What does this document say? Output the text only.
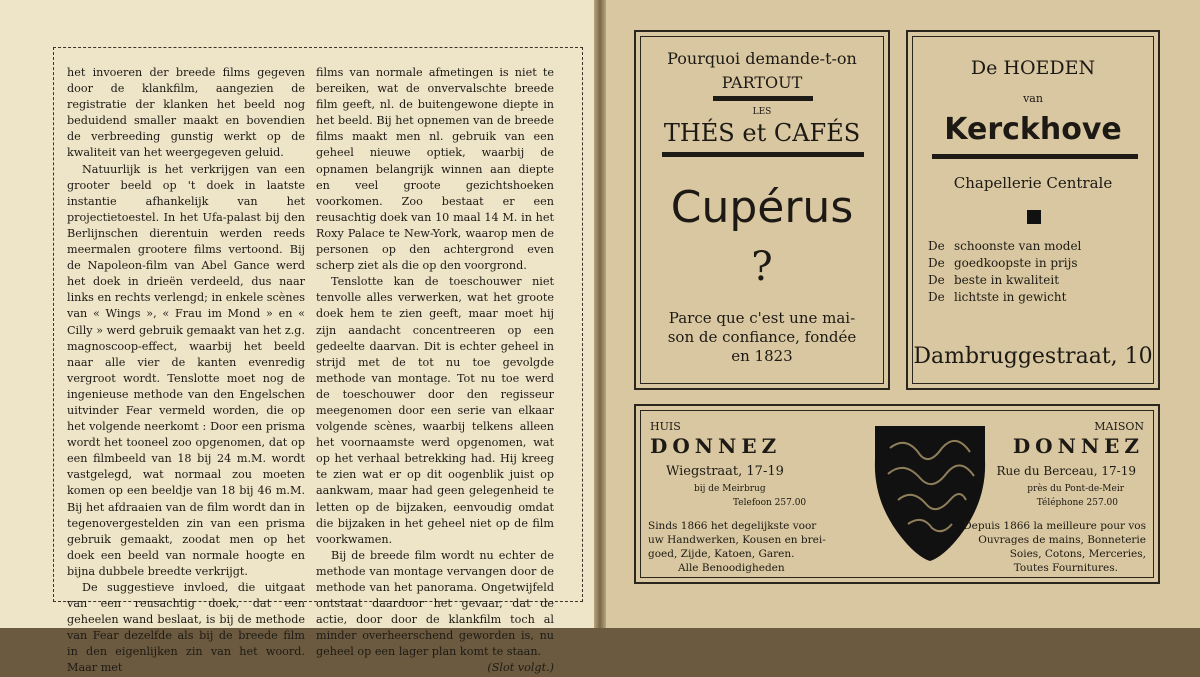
het invoeren der breede films gegeven door de klankfilm, aangezien de registratie der klanken het beeld nog beduidend smaller maakt en bovendien de verbreeding gunstig werkt op de kwaliteit van het weergegeven geluid.

Natuurlijk is het verkrijgen van een grooter beeld op 't doek in laatste instantie afhankelijk van het projectietoestel. In het Ufa-palast bij den Berlijnschen dierentuin werden reeds meermalen grootere films vertoond. Bij de Napoleon-film van Abel Gance werd het doek in drieën verdeeld, dus naar links en rechts verlengd; in enkele scènes van « Wings », « Frau im Mond » en « Cilly » werd gebruik gemaakt van het z.g. magnoscoop-effect, waarbij het beeld naar alle vier de kanten evenredig vergroot wordt. Tenslotte moet nog de ingenieuse methode van den Engelschen uitvinder Fear vermeld worden, die op het volgende neerkomt : Door een prisma wordt het tooneel zoo opgenomen, dat op een filmbeeld van 18 bij 24 m.M. wordt vastgelegd, wat normaal zou moeten komen op een beeldje van 18 bij 46 m.M. Bij het afdraaien van de film wordt dan in tegenovergestelden zin van een prisma gebruik gemaakt, zoodat men op het doek een beeld van normale hoogte en bijna dubbele breedte verkrijgt.

De suggestieve invloed, die uitgaat van een reusachtig doek, dat een geheelen wand beslaat, is bij de methode van Fear dezelfde als bij de breede film in den eigenlijken zin van het woord. Maar met

films van normale afmetingen is niet te bereiken, wat de onvervalschte breede film geeft, nl. de buitengewone diepte in het beeld. Bij het opnemen van de breede films maakt men nl. gebruik van een geheel nieuwe optiek, waarbij de opnamen belangrijk winnen aan diepte en veel groote gezichtshoeken voorkomen. Zoo bestaat er een reusachtig doek van 10 maal 14 M. in het Roxy Palace te New-York, waarop men de personen op den achtergrond even scherp ziet als die op den voorgrond.

Tenslotte kan de toeschouwer niet tenvolle alles verwerken, wat het groote doek hem te zien geeft, maar moet hij zijn aandacht concentreeren op een gedeelte daarvan. Dit is echter geheel in strijd met de tot nu toe gevolgde methode van montage. Tot nu toe werd de toeschouwer door den regisseur meegenomen door een serie van elkaar volgende scènes, waarbij telkens alleen het voornaamste werd opgenomen, wat op het verhaal betrekking had. Hij kreeg te zien wat er op dit oogenblik juist op aankwam, maar had geen gelegenheid te letten op de bijzaken, eenvoudig omdat die bijzaken in het geheel niet op de film voorkwamen.

Bij de breede film wordt nu echter de methode van montage vervangen door de methode van het panorama. Ongetwijfeld ontstaat daardoor het gevaar, dat de actie, door door de klankfilm toch al minder overheerschend geworden is, nu geheel op een lager plan komt te staan.

(Slot volgt.)
Pourquoi demande-t-on
PARTOUT
LES
THÉS et CAFÉS
Cupérus
?
Parce que c'est une mai-
son de confiance, fondée
en 1823
De HOEDEN
van
Kerckhove
Chapellerie Centrale
De schoonste van model
De goedkoopste in prijs
De beste in kwaliteit
De lichtste in gewicht
Dambruggestraat, 10
HUIS
DONNEZ
Wiegstraat, 17-19
bij de Meirbrug
Telefoon 257.00
Sinds 1866 het degelijkste voor
uw Handwerken, Kousen en brei-
goed, Zijde, Katoen, Garen.
Alle Benoodigheden
MAISON
DONNEZ
Rue du Berceau, 17-19
près du Pont-de-Meir
Téléphone 257.00
Depuis 1866 la meilleure pour vos
Ouvrages de mains, Bonneterie
Soies, Cotons, Merceries,
Toutes Fournitures.
